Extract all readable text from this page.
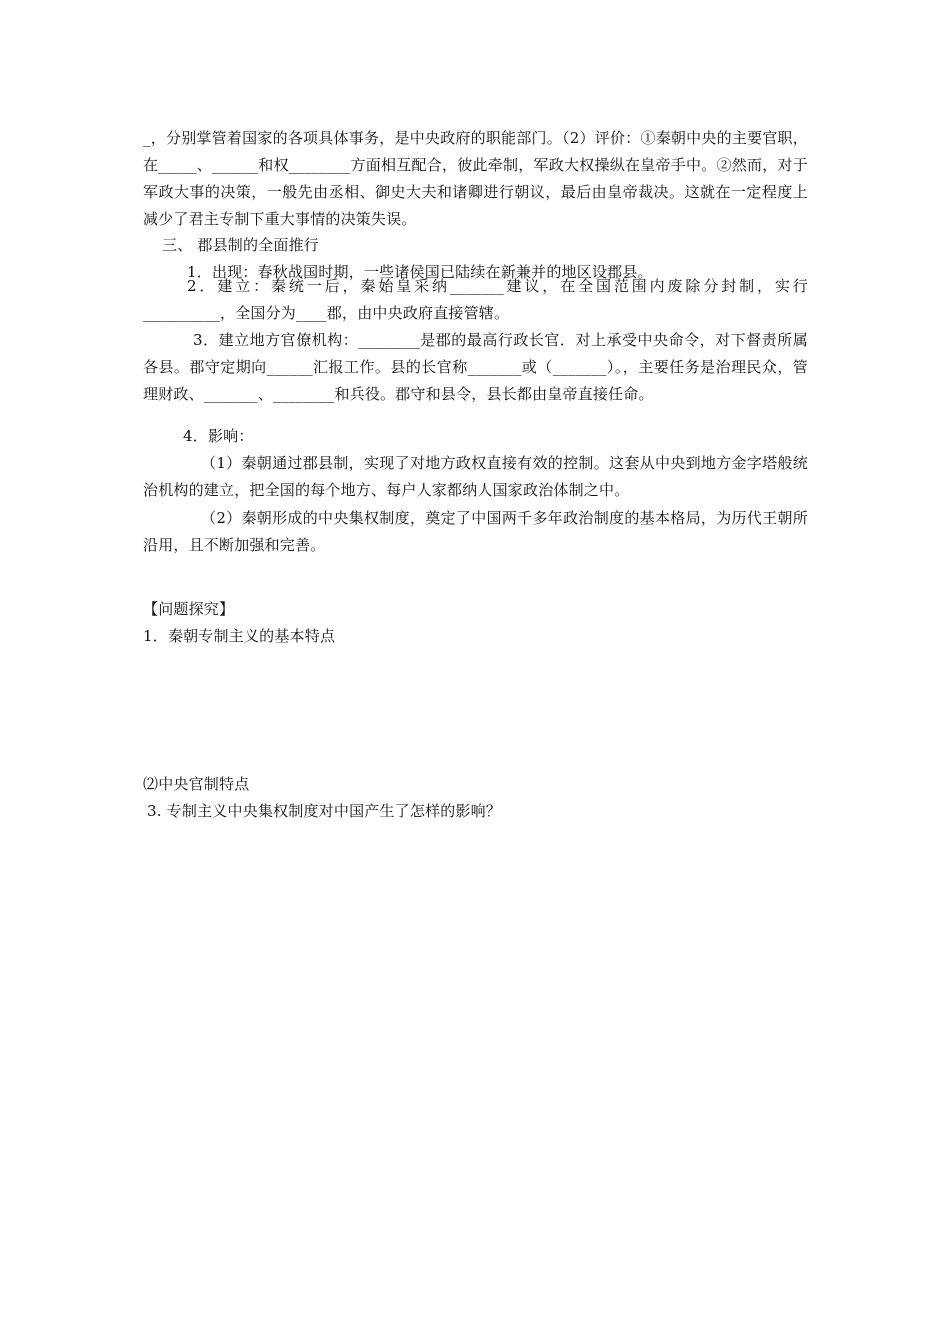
_，分别掌管着国家的各项具体事务，是中央政府的职能部门。（2）评价：①秦朝中央的主要官职，在_____、______和权________方面相互配合，彼此牵制，军政大权操纵在皇帝手中。②然而，对于军政大事的决策，一般先由丞相、御史大夫和诸卿进行朝议，最后由皇帝裁决。这就在一定程度上减少了君主专制下重大事情的决策失误。
三、 郡县制的全面推行
1．出现：春秋战国时期，一些诸侯国已陆续在新兼并的地区设郡县。
2．建立：秦统一后，秦始皇采纳_______建议，在全国范围内废除分封制，实行__________，全国分为____郡，由中央政府直接管辖。
3．建立地方官僚机构：________是郡的最高行政长官．对上承受中央命令，对下督责所属各县。郡守定期向______汇报工作。县的长官称_______或（_______）。，主要任务是治理民众，管理财政、_______、________和兵役。郡守和县令，县长都由皇帝直接任命。
4．影响：
（1）秦朝通过郡县制，实现了对地方政权直接有效的控制。这套从中央到地方金字塔般统治机构的建立，把全国的每个地方、每户人家都纳人国家政治体制之中。
（2）秦朝形成的中央集权制度，奠定了中国两千多年政治制度的基本格局，为历代王朝所沿用，且不断加强和完善。
【问题探究】
1．秦朝专制主义的基本特点
⑵中央官制特点
3. 专制主义中央集权制度对中国产生了怎样的影响？
